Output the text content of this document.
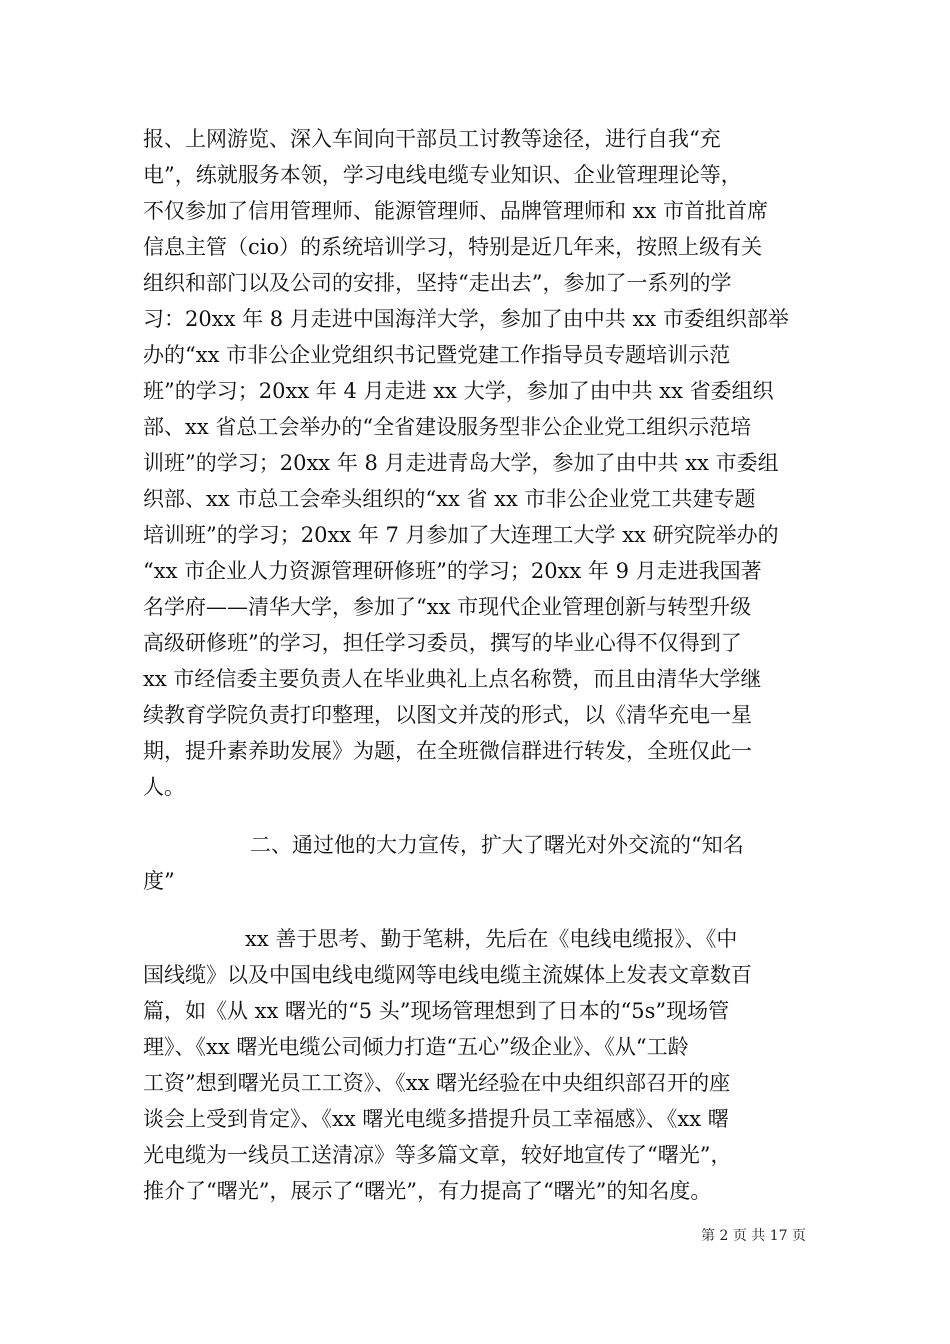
报、上网游览、深入车间向干部员工讨教等途径，进行自我“充
电”，练就服务本领，学习电线电缆专业知识、企业管理理论等，
不仅参加了信用管理师、能源管理师、品牌管理师和 xx 市首批首席
信息主管（cio）的系统培训学习，特别是近几年来，按照上级有关
组织和部门以及公司的安排，坚持“走出去”，参加了一系列的学
习：20xx 年 8 月走进中国海洋大学，参加了由中共 xx 市委组织部举
办的“xx 市非公企业党组织书记暨党建工作指导员专题培训示范
班”的学习；20xx 年 4 月走进 xx 大学，参加了由中共 xx 省委组织
部、xx 省总工会举办的“全省建设服务型非公企业党工组织示范培
训班”的学习；20xx 年 8 月走进青岛大学，参加了由中共 xx 市委组
织部、xx 市总工会牵头组织的“xx 省 xx 市非公企业党工共建专题
培训班”的学习；20xx 年 7 月参加了大连理工大学 xx 研究院举办的
“xx 市企业人力资源管理研修班”的学习；20xx 年 9 月走进我国著
名学府——清华大学，参加了“xx 市现代企业管理创新与转型升级
高级研修班”的学习，担任学习委员，撰写的毕业心得不仅得到了
xx 市经信委主要负责人在毕业典礼上点名称赞，而且由清华大学继
续教育学院负责打印整理，以图文并茂的形式，以《清华充电一星
期，提升素养助发展》为题，在全班微信群进行转发，全班仅此一
人。
二、通过他的大力宣传，扩大了曙光对外交流的“知名
度”
xx 善于思考、勤于笔耕，先后在《电线电缆报》、《中
国线缆》以及中国电线电缆网等电线电缆主流媒体上发表文章数百
篇，如《从 xx 曙光的“5 头”现场管理想到了日本的“5s”现场管
理》、《xx 曙光电缆公司倾力打造“五心”级企业》、《从“工龄
工资”想到曙光员工工资》、《xx 曙光经验在中央组织部召开的座
谈会上受到肯定》、《xx 曙光电缆多措提升员工幸福感》、《xx 曙
光电缆为一线员工送清凉》等多篇文章，较好地宣传了“曙光”，
推介了“曙光”，展示了“曙光”，有力提高了“曙光”的知名度。
第 2 页 共 17 页
